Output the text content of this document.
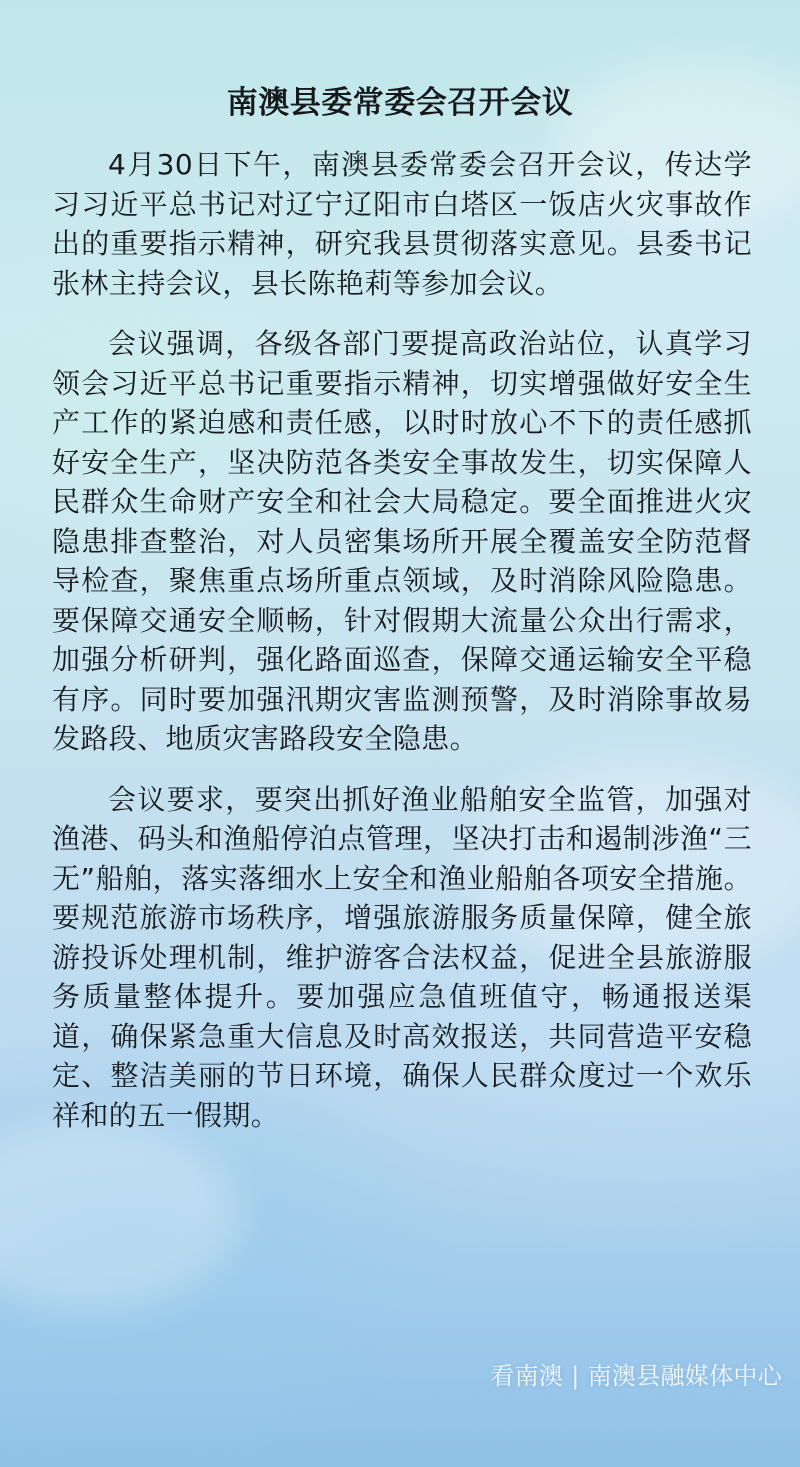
南澳县委常委会召开会议

4月30日下午，南澳县委常委会召开会议，传达学习习近平总书记对辽宁辽阳市白塔区一饭店火灾事故作出的重要指示精神，研究我县贯彻落实意见。县委书记张林主持会议，县长陈艳莉等参加会议。

会议强调，各级各部门要提高政治站位，认真学习领会习近平总书记重要指示精神，切实增强做好安全生产工作的紧迫感和责任感，以时时放心不下的责任感抓好安全生产，坚决防范各类安全事故发生，切实保障人民群众生命财产安全和社会大局稳定。要全面推进火灾隐患排查整治，对人员密集场所开展全覆盖安全防范督导检查，聚焦重点场所重点领域，及时消除风险隐患。要保障交通安全顺畅，针对假期大流量公众出行需求，加强分析研判，强化路面巡查，保障交通运输安全平稳有序。同时要加强汛期灾害监测预警，及时消除事故易发路段、地质灾害路段安全隐患。

会议要求，要突出抓好渔业船舶安全监管，加强对渔港、码头和渔船停泊点管理，坚决打击和遏制涉渔“三无”船舶，落实落细水上安全和渔业船舶各项安全措施。要规范旅游市场秩序，增强旅游服务质量保障，健全旅游投诉处理机制，维护游客合法权益，促进全县旅游服务质量整体提升。要加强应急值班值守，畅通报送渠道，确保紧急重大信息及时高效报送，共同营造平安稳定、整洁美丽的节日环境，确保人民群众度过一个欢乐祥和的五一假期。

看南澳 | 南澳县融媒体中心
